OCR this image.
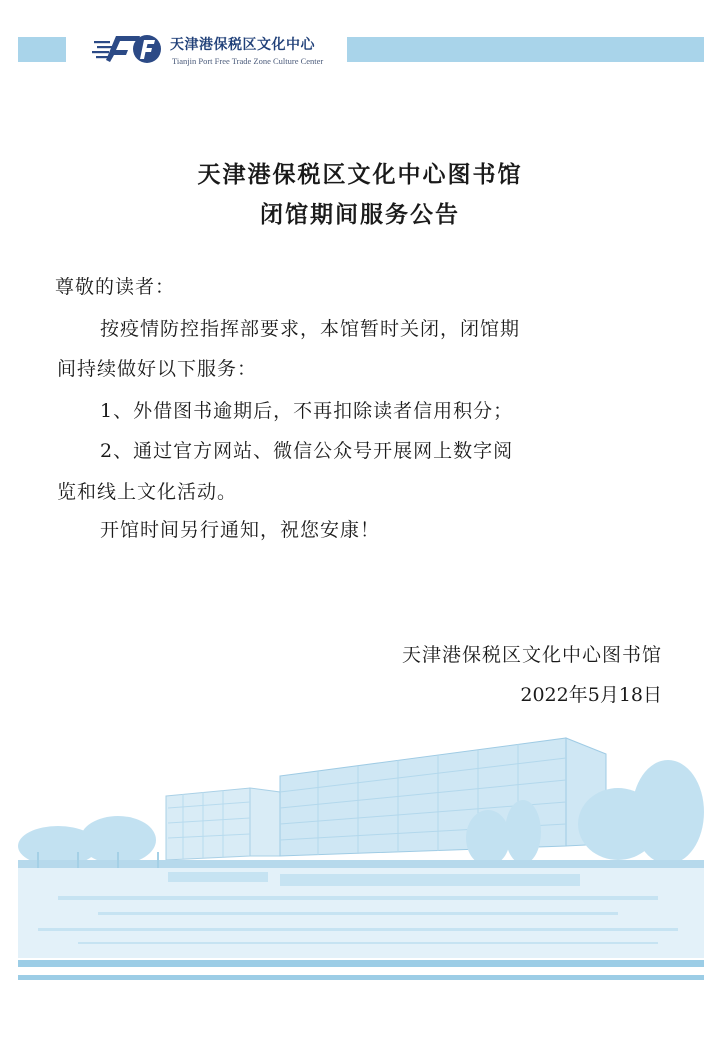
天津港保税区文化中心
Tianjin Port Free Trade Zone Culture Center
天津港保税区文化中心图书馆
闭馆期间服务公告
尊敬的读者：
按疫情防控指挥部要求，本馆暂时关闭，闭馆期
间持续做好以下服务：
1、外借图书逾期后，不再扣除读者信用积分；
2、通过官方网站、微信公众号开展网上数字阅
览和线上文化活动。
开馆时间另行通知，祝您安康！
天津港保税区文化中心图书馆
2022年5月18日
